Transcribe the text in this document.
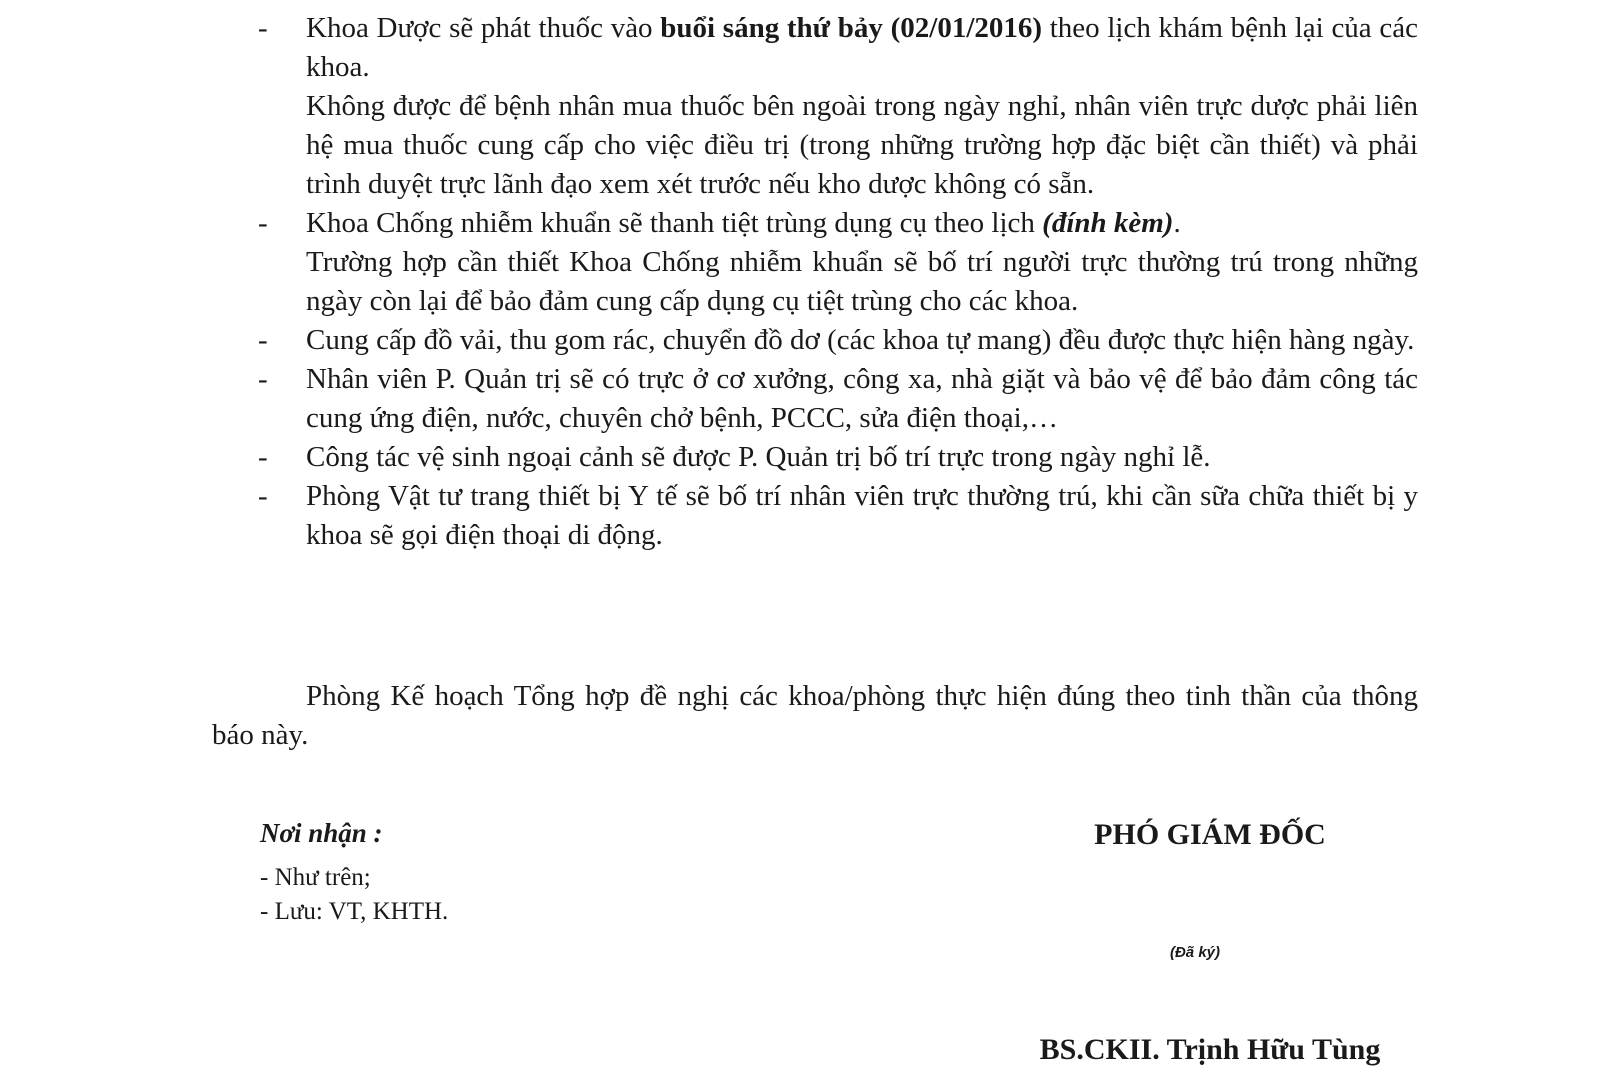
-	Khoa Dược sẽ phát thuốc vào buổi sáng thứ bảy (02/01/2016) theo lịch khám bệnh lại của các khoa.

Không được để bệnh nhân mua thuốc bên ngoài trong ngày nghỉ, nhân viên trực dược phải liên hệ mua thuốc cung cấp cho việc điều trị (trong những trường hợp đặc biệt cần thiết) và phải trình duyệt trực lãnh đạo xem xét trước nếu kho dược không có sẵn.

-	Khoa Chống nhiễm khuẩn sẽ thanh tiệt trùng dụng cụ theo lịch (đính kèm).

Trường hợp cần thiết Khoa Chống nhiễm khuẩn sẽ bố trí người trực thường trú trong những ngày còn lại để bảo đảm cung cấp dụng cụ tiệt trùng cho các khoa.

-	Cung cấp đồ vải, thu gom rác, chuyển đồ dơ (các khoa tự mang) đều được thực hiện hàng ngày.

-	Nhân viên P. Quản trị sẽ có trực ở cơ xưởng, công xa, nhà giặt và bảo vệ để bảo đảm công tác cung ứng điện, nước, chuyên chở bệnh, PCCC, sửa điện thoại,…

-	Công tác vệ sinh ngoại cảnh sẽ được P. Quản trị bố trí trực trong ngày nghỉ lễ.

-	Phòng Vật tư trang thiết bị Y tế sẽ bố trí nhân viên trực thường trú, khi cần sữa chữa thiết bị y khoa sẽ gọi điện thoại di động.

Phòng Kế hoạch Tổng hợp đề nghị các khoa/phòng thực hiện đúng theo tinh thần của thông báo này.

Nơi nhận :

- Như trên;
- Lưu: VT, KHTH.

PHÓ GIÁM ĐỐC

(Đã ký)

BS.CKII. Trịnh Hữu Tùng
